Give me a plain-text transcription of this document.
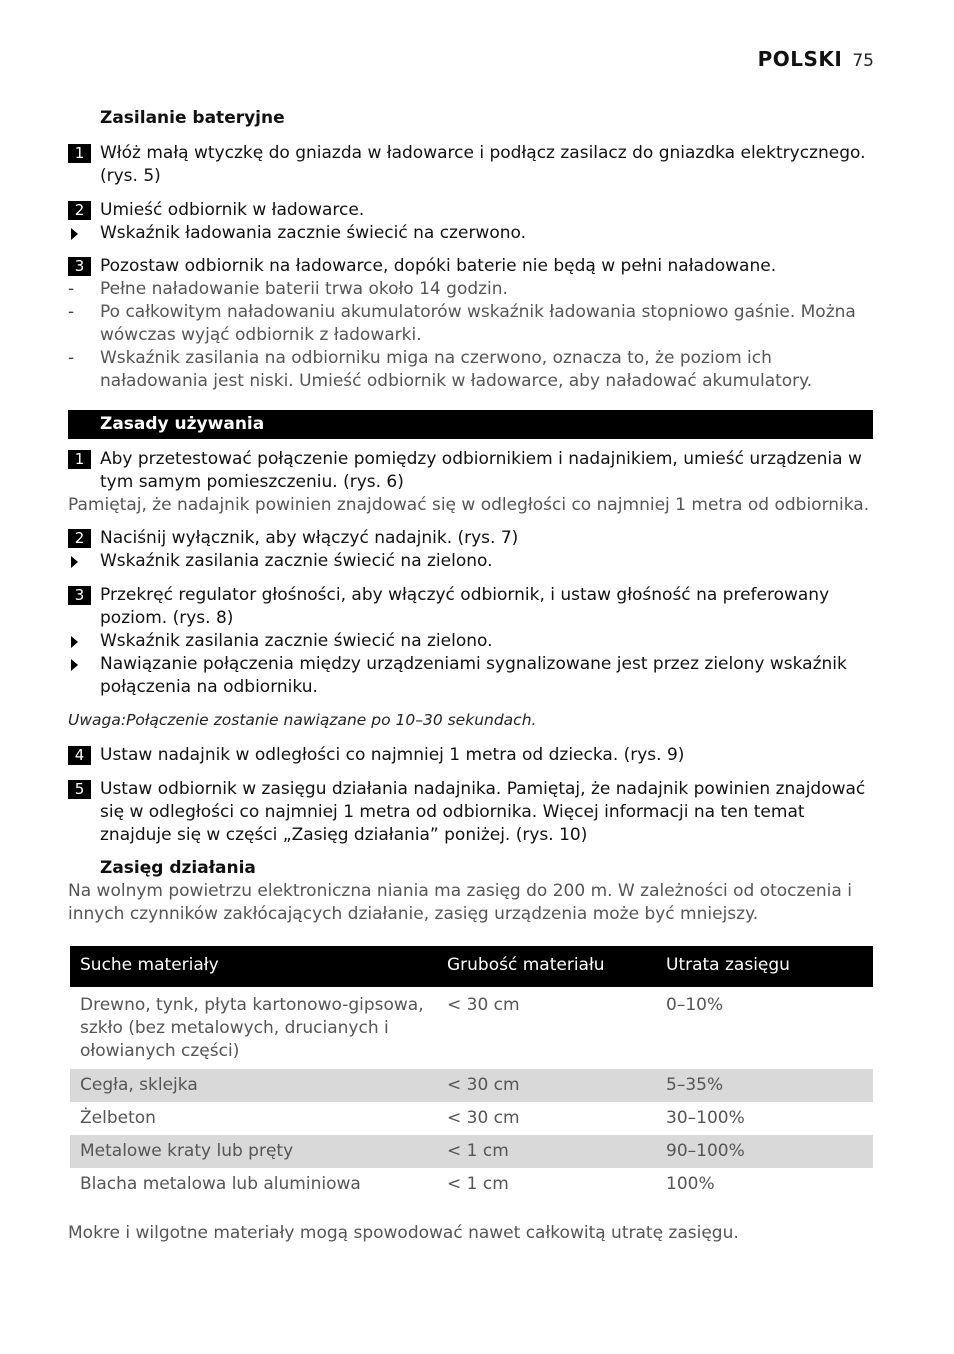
POLSKI 75

Zasilanie bateryjne

1 Włóż małą wtyczkę do gniazda w ładowarce i podłącz zasilacz do gniazdka elektrycznego. (rys. 5)
2 Umieść odbiornik w ładowarce.
Wskaźnik ładowania zacznie świecić na czerwono.
3 Pozostaw odbiornik na ładowarce, dopóki baterie nie będą w pełni naładowane.
- Pełne naładowanie baterii trwa około 14 godzin.
- Po całkowitym naładowaniu akumulatorów wskaźnik ładowania stopniowo gaśnie. Można wówczas wyjąć odbiornik z ładowarki.
- Wskaźnik zasilania na odbiorniku miga na czerwono, oznacza to, że poziom ich naładowania jest niski. Umieść odbiornik w ładowarce, aby naładować akumulatory.
Zasady używania
1 Aby przetestować połączenie pomiędzy odbiornikiem i nadajnikiem, umieść urządzenia w tym samym pomieszczeniu. (rys. 6)
Pamiętaj, że nadajnik powinien znajdować się w odległości co najmniej 1 metra od odbiornika.
2 Naciśnij wyłącznik, aby włączyć nadajnik. (rys. 7)
Wskaźnik zasilania zacznie świecić na zielono.
3 Przekręć regulator głośności, aby włączyć odbiornik, i ustaw głośność na preferowany poziom. (rys. 8)
Wskaźnik zasilania zacznie świecić na zielono.
Nawiązanie połączenia między urządzeniami sygnalizowane jest przez zielony wskaźnik połączenia na odbiorniku.
Uwaga:Połączenie zostanie nawiązane po 10–30 sekundach.
4 Ustaw nadajnik w odległości co najmniej 1 metra od dziecka. (rys. 9)
5 Ustaw odbiornik w zasięgu działania nadajnika. Pamiętaj, że nadajnik powinien znajdować się w odległości co najmniej 1 metra od odbiornika. Więcej informacji na ten temat znajduje się w części „Zasięg działania” poniżej. (rys. 10)

Zasięg działania

Na wolnym powietrzu elektroniczna niania ma zasięg do 200 m. W zależności od otoczenia i innych czynników zakłócających działanie, zasięg urządzenia może być mniejszy.
Suche materiały	Grubość materiału	Utrata zasięgu
Drewno, tynk, płyta kartonowo-gipsowa, szkło (bez metalowych, drucianych i ołowianych części)	< 30 cm	0–10%
Cegła, sklejka	< 30 cm	5–35%
Żelbeton	< 30 cm	30–100%
Metalowe kraty lub pręty	< 1 cm	90–100%
Blacha metalowa lub aluminiowa	< 1 cm	100%
Mokre i wilgotne materiały mogą spowodować nawet całkowitą utratę zasięgu.
